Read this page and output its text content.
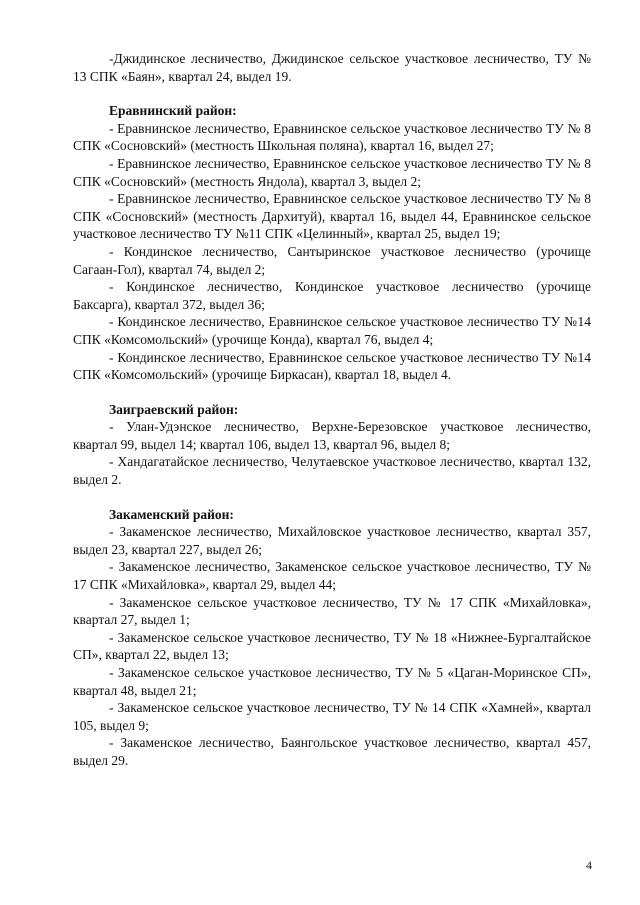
-Джидинское лесничество, Джидинское сельское участковое лесничество, ТУ № 13 СПК «Баян», квартал 24, выдел 19.

Еравнинский район:

- Еравнинское лесничество, Еравнинское сельское участковое лесничество ТУ № 8 СПК «Сосновский» (местность Школьная поляна), квартал 16, выдел 27;

- Еравнинское лесничество, Еравнинское сельское участковое лесничество ТУ № 8 СПК «Сосновский» (местность Яндола), квартал 3, выдел 2;

- Еравнинское лесничество, Еравнинское сельское участковое лесничество ТУ № 8 СПК «Сосновский» (местность Дархитуй), квартал 16, выдел 44, Еравнинское сельское участковое лесничество ТУ №11 СПК «Целинный», квартал 25, выдел 19;

- Кондинское лесничество, Сантыринское участковое лесничество (урочище Сагаан-Гол), квартал 74, выдел 2;

- Кондинское лесничество, Кондинское участковое лесничество (урочище Баксарга), квартал 372, выдел 36;

- Кондинское лесничество, Еравнинское сельское участковое лесничество ТУ №14 СПК «Комсомольский» (урочище Конда), квартал 76, выдел 4;

- Кондинское лесничество, Еравнинское сельское участковое лесничество ТУ №14 СПК «Комсомольский» (урочище Биркасан), квартал 18, выдел 4.

Заиграевский район:

- Улан-Удэнское лесничество, Верхне-Березовское участковое лесничество, квартал 99, выдел 14; квартал 106, выдел 13, квартал 96, выдел 8;

- Хандагатайское лесничество, Челутаевское участковое лесничество, квартал 132, выдел 2.

Закаменский район:

- Закаменское лесничество, Михайловское участковое лесничество, квартал 357, выдел 23, квартал 227, выдел 26;

- Закаменское лесничество, Закаменское сельское участковое лесничество, ТУ № 17 СПК «Михайловка», квартал 29, выдел 44;

- Закаменское сельское участковое лесничество, ТУ № 17 СПК «Михайловка», квартал 27, выдел 1;

- Закаменское сельское участковое лесничество, ТУ № 18 «Нижнее-Бургалтайское СП», квартал 22, выдел 13;

- Закаменское сельское участковое лесничество, ТУ № 5 «Цаган-Моринское СП», квартал 48, выдел 21;

- Закаменское сельское участковое лесничество, ТУ № 14 СПК «Хамней», квартал 105, выдел 9;

- Закаменское лесничество, Баянгольское участковое лесничество, квартал 457, выдел 29.

4
